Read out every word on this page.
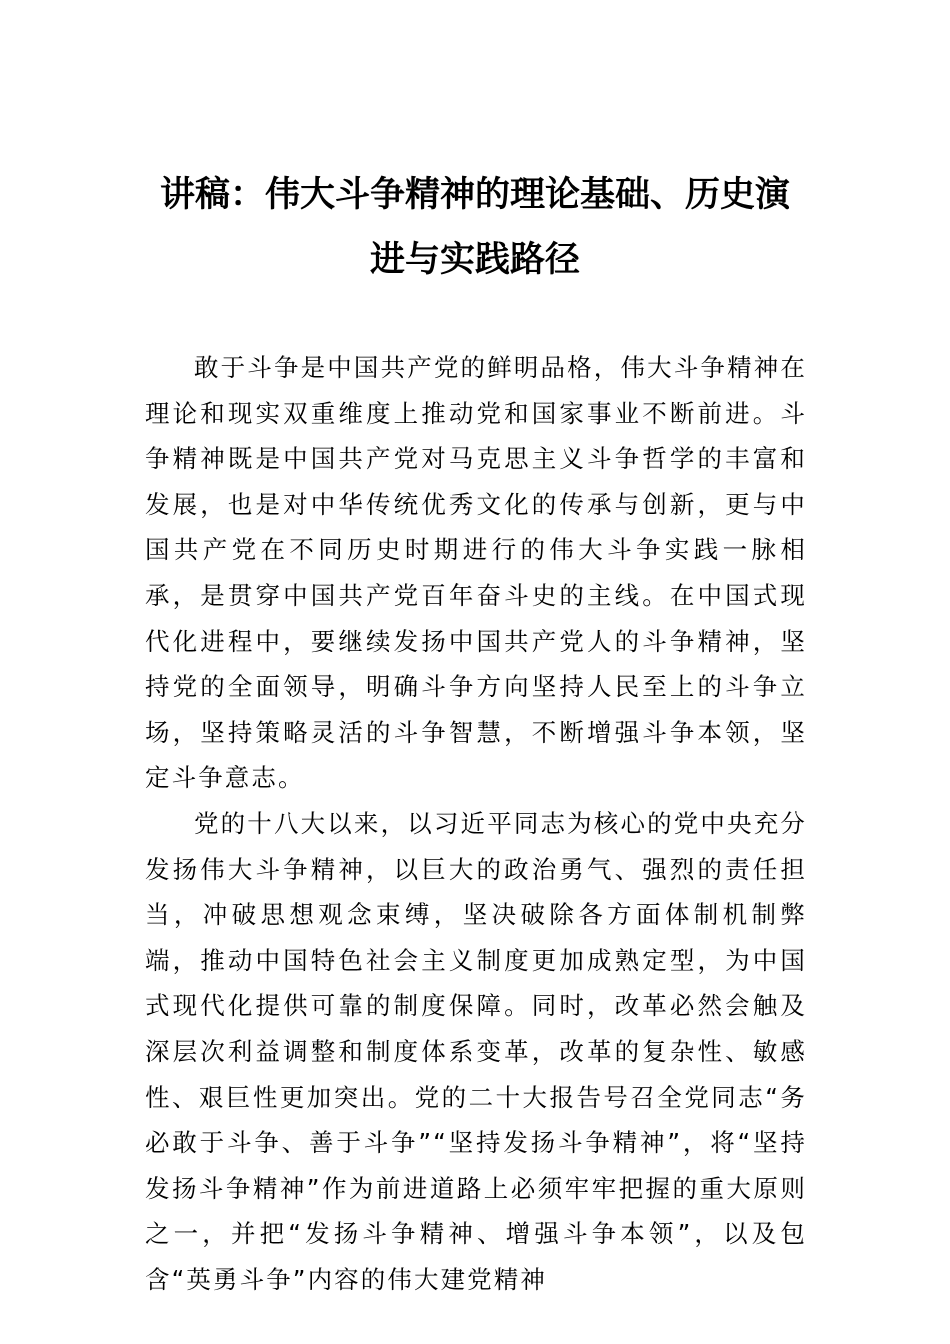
讲稿：伟大斗争精神的理论基础、历史演
进与实践路径

敢于斗争是中国共产党的鲜明品格，伟大斗争精神在理论和现实双重维度上推动党和国家事业不断前进。斗争精神既是中国共产党对马克思主义斗争哲学的丰富和发展，也是对中华传统优秀文化的传承与创新，更与中国共产党在不同历史时期进行的伟大斗争实践一脉相承，是贯穿中国共产党百年奋斗史的主线。在中国式现代化进程中，要继续发扬中国共产党人的斗争精神，坚持党的全面领导，明确斗争方向坚持人民至上的斗争立场，坚持策略灵活的斗争智慧，不断增强斗争本领，坚定斗争意志。

党的十八大以来，以习近平同志为核心的党中央充分发扬伟大斗争精神，以巨大的政治勇气、强烈的责任担当，冲破思想观念束缚，坚决破除各方面体制机制弊端，推动中国特色社会主义制度更加成熟定型，为中国式现代化提供可靠的制度保障。同时，改革必然会触及深层次利益调整和制度体系变革，改革的复杂性、敏感性、艰巨性更加突出。党的二十大报告号召全党同志“务必敢于斗争、善于斗争”“坚持发扬斗争精神”，将“坚持发扬斗争精神”作为前进道路上必须牢牢把握的重大原则之一，并把“发扬斗争精神、增强斗争本领”，以及包含“英勇斗争”内容的伟大建党精神
